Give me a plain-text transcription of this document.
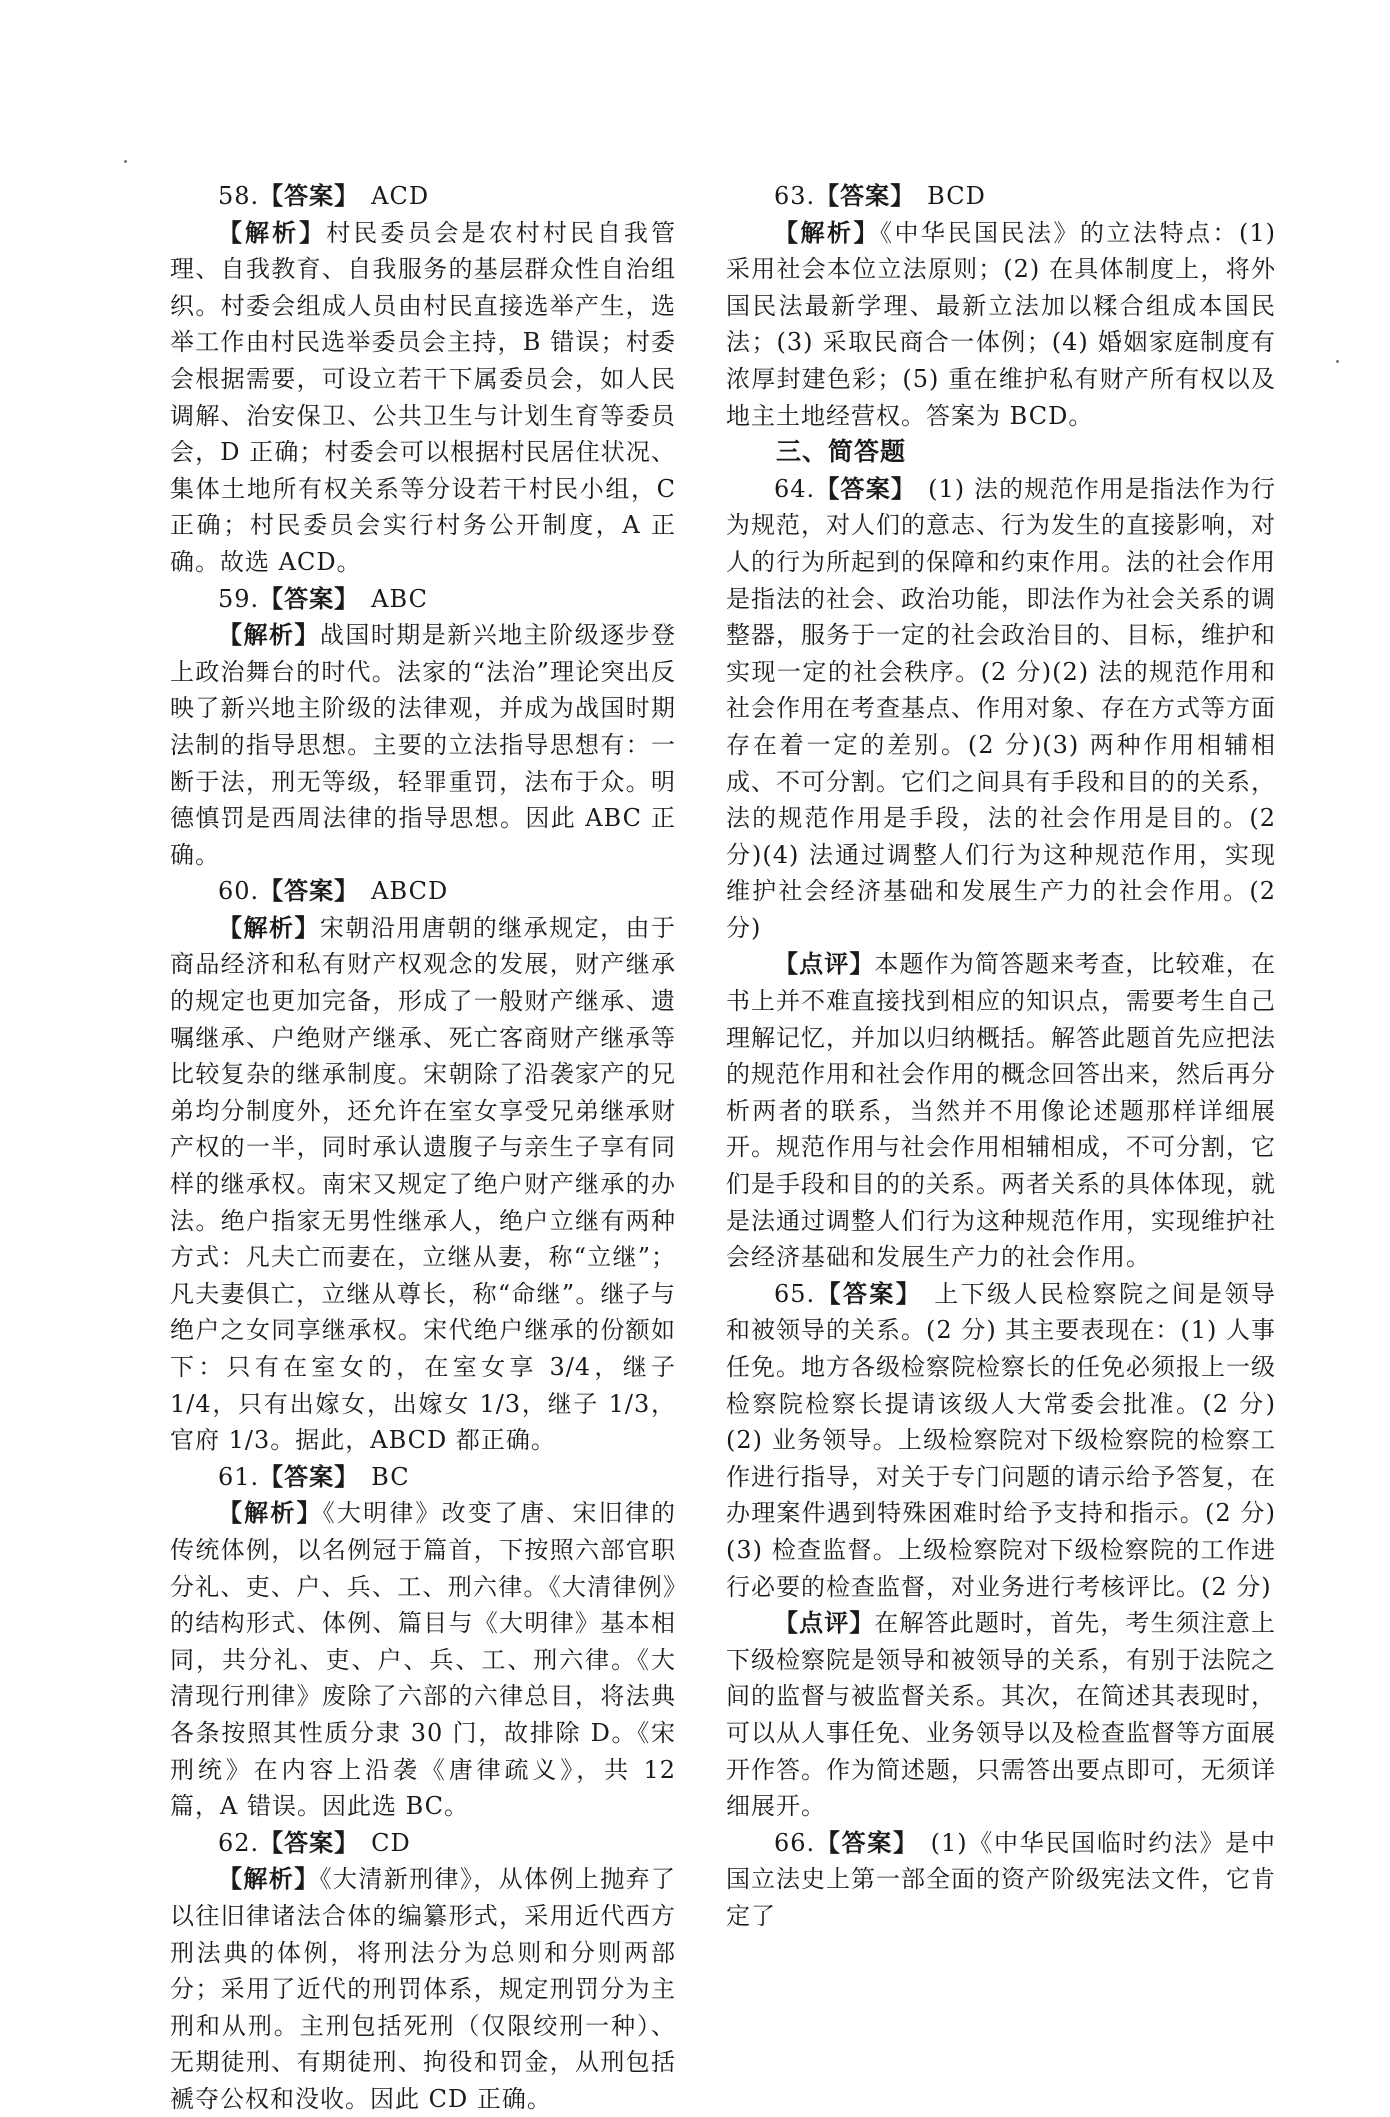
58.【答案】 ACD

【解析】村民委员会是农村村民自我管理、自我教育、自我服务的基层群众性自治组织。村委会组成人员由村民直接选举产生，选举工作由村民选举委员会主持，B 错误；村委会根据需要，可设立若干下属委员会，如人民调解、治安保卫、公共卫生与计划生育等委员会，D 正确；村委会可以根据村民居住状况、集体土地所有权关系等分设若干村民小组，C 正确；村民委员会实行村务公开制度，A 正确。故选 ACD。

59.【答案】 ABC

【解析】战国时期是新兴地主阶级逐步登上政治舞台的时代。法家的“法治”理论突出反映了新兴地主阶级的法律观，并成为战国时期法制的指导思想。主要的立法指导思想有：一断于法，刑无等级，轻罪重罚，法布于众。明德慎罚是西周法律的指导思想。因此 ABC 正确。

60.【答案】 ABCD

【解析】宋朝沿用唐朝的继承规定，由于商品经济和私有财产权观念的发展，财产继承的规定也更加完备，形成了一般财产继承、遗嘱继承、户绝财产继承、死亡客商财产继承等比较复杂的继承制度。宋朝除了沿袭家产的兄弟均分制度外，还允许在室女享受兄弟继承财产权的一半，同时承认遗腹子与亲生子享有同样的继承权。南宋又规定了绝户财产继承的办法。绝户指家无男性继承人，绝户立继有两种方式：凡夫亡而妻在，立继从妻，称“立继”；凡夫妻俱亡，立继从尊长，称“命继”。继子与绝户之女同享继承权。宋代绝户继承的份额如下：只有在室女的，在室女享 3/4，继子 1/4，只有出嫁女，出嫁女 1/3，继子 1/3，官府 1/3。据此，ABCD 都正确。

61.【答案】 BC

【解析】《大明律》改变了唐、宋旧律的传统体例，以名例冠于篇首，下按照六部官职分礼、吏、户、兵、工、刑六律。《大清律例》的结构形式、体例、篇目与《大明律》基本相同，共分礼、吏、户、兵、工、刑六律。《大清现行刑律》废除了六部的六律总目，将法典各条按照其性质分隶 30 门，故排除 D。《宋刑统》在内容上沿袭《唐律疏义》，共 12 篇，A 错误。因此选 BC。

62.【答案】 CD

【解析】《大清新刑律》，从体例上抛弃了以往旧律诸法合体的编纂形式，采用近代西方刑法典的体例，将刑法分为总则和分则两部分；采用了近代的刑罚体系，规定刑罚分为主刑和从刑。主刑包括死刑（仅限绞刑一种）、无期徒刑、有期徒刑、拘役和罚金，从刑包括褫夺公权和没收。因此 CD 正确。

63.【答案】 BCD

【解析】《中华民国民法》的立法特点：(1) 采用社会本位立法原则；(2) 在具体制度上，将外国民法最新学理、最新立法加以糅合组成本国民法；(3) 采取民商合一体例；(4) 婚姻家庭制度有浓厚封建色彩；(5) 重在维护私有财产所有权以及地主土地经营权。答案为 BCD。

三、简答题

64.【答案】 (1) 法的规范作用是指法作为行为规范，对人们的意志、行为发生的直接影响，对人的行为所起到的保障和约束作用。法的社会作用是指法的社会、政治功能，即法作为社会关系的调整器，服务于一定的社会政治目的、目标，维护和实现一定的社会秩序。(2 分)(2) 法的规范作用和社会作用在考查基点、作用对象、存在方式等方面存在着一定的差别。(2 分)(3) 两种作用相辅相成、不可分割。它们之间具有手段和目的的关系，法的规范作用是手段，法的社会作用是目的。(2 分)(4) 法通过调整人们行为这种规范作用，实现维护社会经济基础和发展生产力的社会作用。(2 分)

【点评】本题作为简答题来考查，比较难，在书上并不难直接找到相应的知识点，需要考生自己理解记忆，并加以归纳概括。解答此题首先应把法的规范作用和社会作用的概念回答出来，然后再分析两者的联系，当然并不用像论述题那样详细展开。规范作用与社会作用相辅相成，不可分割，它们是手段和目的的关系。两者关系的具体体现，就是法通过调整人们行为这种规范作用，实现维护社会经济基础和发展生产力的社会作用。

65.【答案】 上下级人民检察院之间是领导和被领导的关系。(2 分) 其主要表现在：(1) 人事任免。地方各级检察院检察长的任免必须报上一级检察院检察长提请该级人大常委会批准。(2 分)(2) 业务领导。上级检察院对下级检察院的检察工作进行指导，对关于专门问题的请示给予答复，在办理案件遇到特殊困难时给予支持和指示。(2 分)(3) 检查监督。上级检察院对下级检察院的工作进行必要的检查监督，对业务进行考核评比。(2 分)

【点评】在解答此题时，首先，考生须注意上下级检察院是领导和被领导的关系，有别于法院之间的监督与被监督关系。其次，在简述其表现时，可以从人事任免、业务领导以及检查监督等方面展开作答。作为简述题，只需答出要点即可，无须详细展开。

66.【答案】 (1)《中华民国临时约法》是中国立法史上第一部全面的资产阶级宪法文件，它肯定了
